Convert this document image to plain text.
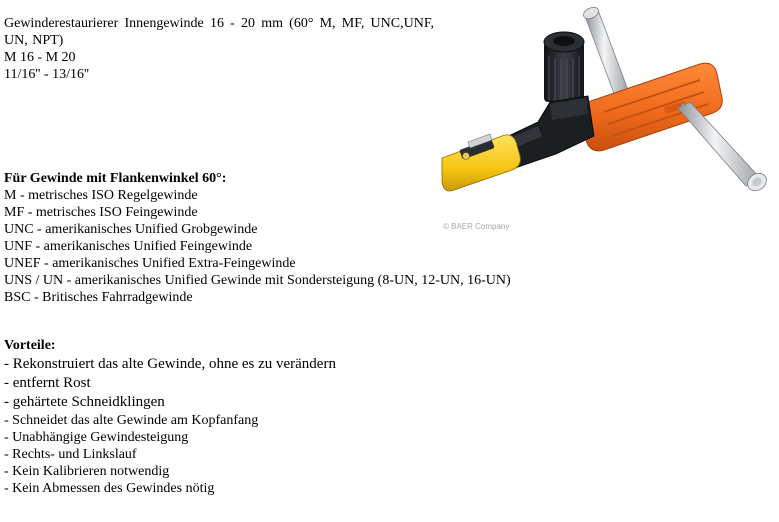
Gewinderestaurierer Innengewinde 16 - 20 mm (60° M, MF, UNC,UNF, UN, NPT)
M 16 - M 20
11/16'' - 13/16''
© BAER Company
Für Gewinde mit Flankenwinkel 60°:
M - metrisches ISO Regelgewinde
MF - metrisches ISO Feingewinde
UNC - amerikanisches Unified Grobgewinde
UNF - amerikanisches Unified Feingewinde
UNEF - amerikanisches Unified Extra-Feingewinde
UNS / UN - amerikanisches Unified Gewinde mit Sondersteigung (8-UN, 12-UN, 16-UN)
BSC - Britisches Fahrradgewinde
Vorteile:
- Rekonstruiert das alte Gewinde, ohne es zu verändern
- entfernt Rost
- gehärtete Schneidklingen
- Schneidet das alte Gewinde am Kopfanfang
- Unabhängige Gewindesteigung
- Rechts- und Linkslauf
- Kein Kalibrieren notwendig
- Kein Abmessen des Gewindes nötig
